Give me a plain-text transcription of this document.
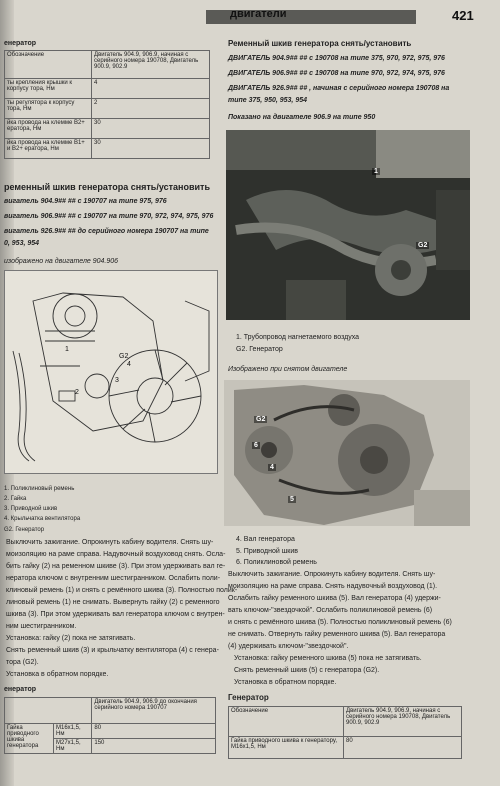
двигатели	421
енератор
Обозначение	Двигатель 904.9, 906.9, начиная с серийного номера 190708, Двигатель 900.9, 902.9
ты крепления крышки к корпусу тора, Нм	4
ты регулятора к корпусу тора, Нм	2
йка провода на клемме В2+ ератора, Нм	30
йка провода на клемме В1+ и В2+ ератора, Нм	30
ременный шкив генератора снять/установить
вигатель 904.9## ## с 190707 на типе 975, 976
вигатель 906.9## ## с 190707 на типе 970, 972, 974, 975, 976
вигатель 926.9## ## до серийного номера 190707 на типе
0, 953, 954
изображено на двигателе 904.906
1
2
3
4
G2
1. Поликлиновый ремень
2. Гайка
3. Приводной шкив
4. Крыльчатка вентилятора
G2. Генератор
Выключить зажигание. Опрокинуть кабину водителя. Снять шу-
моизоляцию на раме справа. Надувочный воздуховод снять. Осла-
бить гайку (2) на ременном шкиве (3). При этом удерживать вал ге-
нератора ключом с внутренним шестигранником. Ослабить поли-
клиновый ремень (1) и снять с ремённого шкива (3). Полностью полик-
линовый ремень (1) не снимать. Вывернуть гайку (2) с ременного
шкива (3). При этом удерживать вал генератора ключом с внутрен-
ним шестигранником.
Установка: гайку (2) пока не затягивать.
Снять ременный шкив (3) и крыльчатку вентилятора (4) с генера-
тора (G2).
Установка в обратном порядке.
енератор
		Двигатель 904.9, 906.9 до окончания серийного номера 190707
Гайка приводного шкива генератора	M16x1,5, Нм	80
	M27x1,5, Нм	150
Ременный шкив генератора снять/установить
ДВИГАТЕЛЬ 904.9## ## с 190708 на типе 375, 970, 972, 975, 976
ДВИГАТЕЛЬ 906.9## ## с 190708 на типе 970, 972, 974, 975, 976
ДВИГАТЕЛЬ 926.9## ## , начиная с серийного номера 190708 на
типе 375, 950, 953, 954
Показано на двигателе 906.9 на типе 950
1
G2
1. Трубопровод нагнетаемого воздуха
G2. Генератор
Изображено при снятом двигателе
G2
4
5
6
4. Вал генератора
5. Приводной шкив
6. Поликлиновой ремень
Выключить зажигание. Опрокинуть кабину водителя. Снять шу-
моизоляцию на раме справа. Снять надувочный воздуховод (1).
Ослабить гайку ременного шкива (5). Вал генератора (4) удержи-
вать ключом-"звездочкой". Ослабить поликлиновой ремень (6)
и снять с ремённого шкива (5). Полностью поликлиновый ремень (6)
не снимать. Отвернуть гайку ременного шкива (5). Вал генератора
(4) удерживать ключом-"звездочкой".
Установка: гайку ременного шкива (5) пока не затягивать.
Снять ременный шкив (5) с генератора (G2).
Установка в обратном порядке.
Генератор
Обозначение	Двигатель 904.9, 906.9, начиная с серийного номера 190708, Двигатель 900.9, 902.9
Гайка приводного шкива к генератору, M16x1,5, Нм	80
